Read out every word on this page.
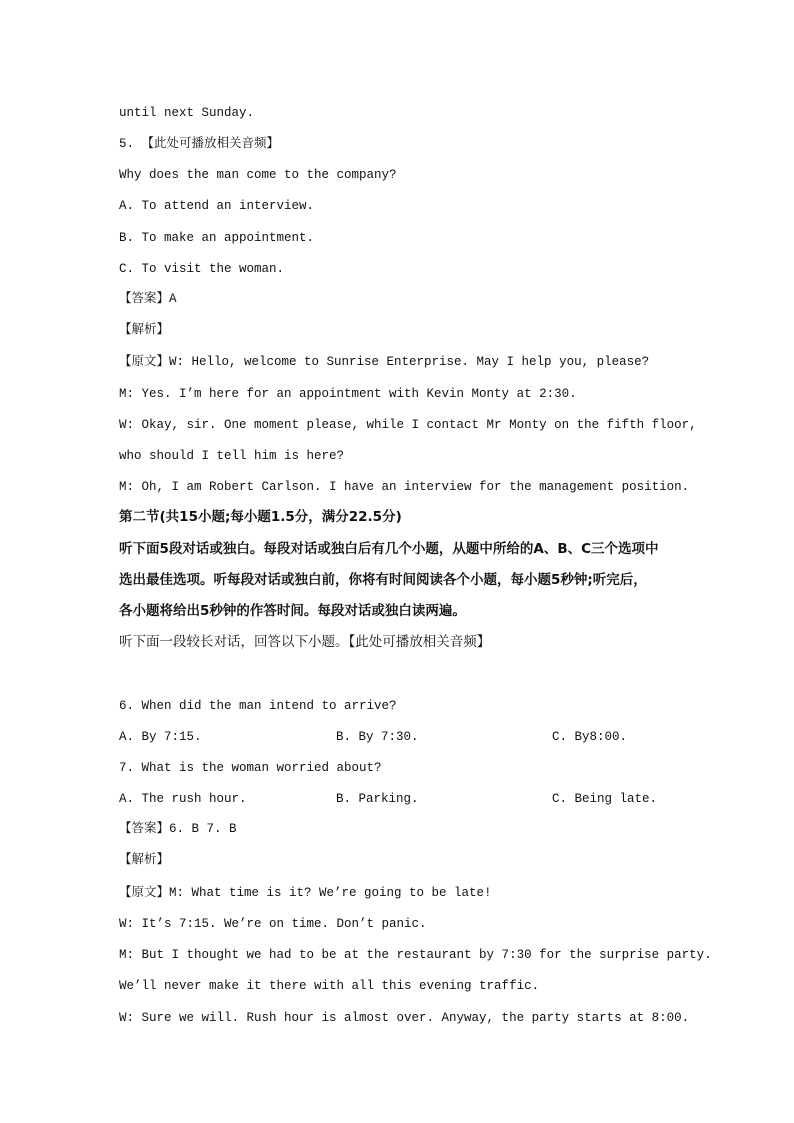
until next Sunday.
5. 【此处可播放相关音频】
Why does the man come to the company?
A. To attend an interview.
B. To make an appointment.
C. To visit the woman.
【答案】A
【解析】
【原文】W: Hello, welcome to Sunrise Enterprise. May I help you, please?
M: Yes. I’m here for an appointment with Kevin Monty at 2:30.
W: Okay, sir. One moment please, while I contact Mr Monty on the fifth floor,
who should I tell him is here?
M: Oh, I am Robert Carlson. I have an interview for the management position.
第二节(共15小题;每小题1.5分，满分22.5分)
听下面5段对话或独白。每段对话或独白后有几个小题，从题中所给的A、B、C三个选项中
选出最佳选项。听每段对话或独白前，你将有时间阅读各个小题，每小题5秒钟;听完后，
各小题将给出5秒钟的作答时间。每段对话或独白读两遍。
听下面一段较长对话，回答以下小题。【此处可播放相关音频】
6. When did the man intend to arrive?
A. By 7:15.	B. By 7:30.	C. By8:00.
7. What is the woman worried about?
A. The rush hour.	B. Parking.	C. Being late.
【答案】6. B 7. B
【解析】
【原文】M: What time is it? We’re going to be late!
W: It’s 7:15. We’re on time. Don’t panic.
M: But I thought we had to be at the restaurant by 7:30 for the surprise party.
We’ll never make it there with all this evening traffic.
W: Sure we will. Rush hour is almost over. Anyway, the party starts at 8:00.
